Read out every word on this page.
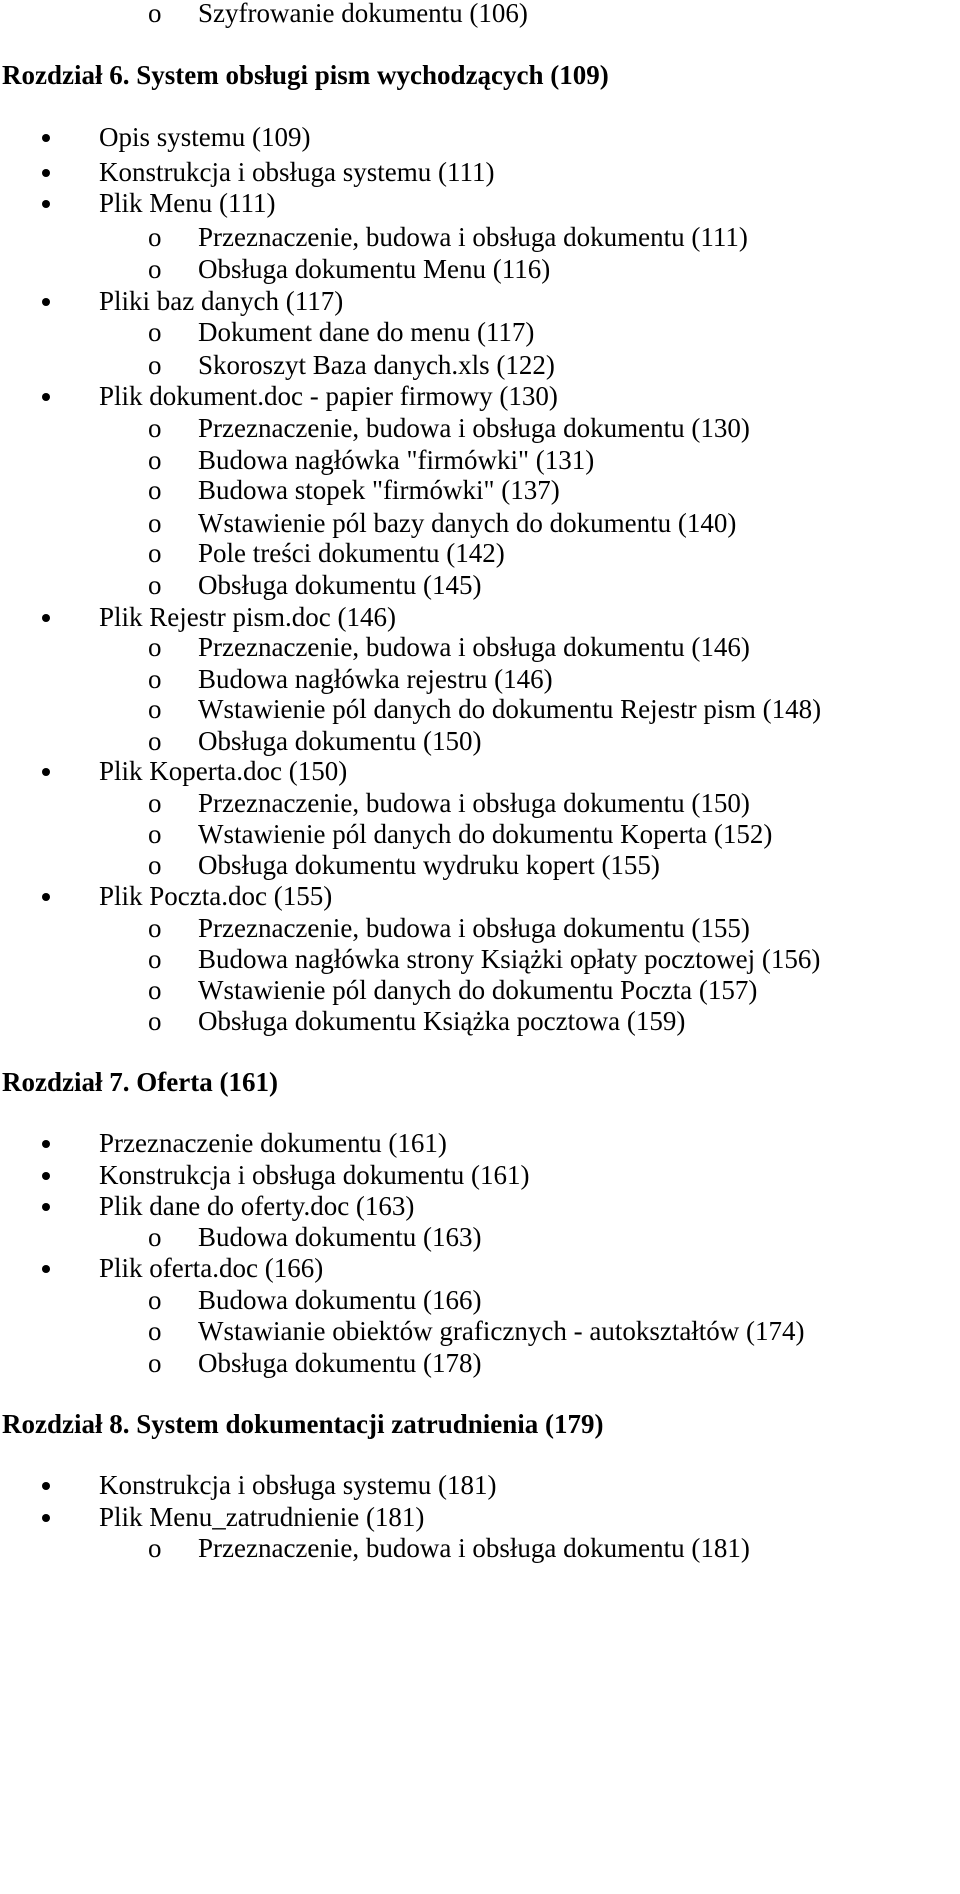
o Szyfrowanie dokumentu (106)
Rozdział 6. System obsługi pism wychodzących (109)
Opis systemu (109)
Konstrukcja i obsługa systemu (111)
Plik Menu (111)
o Przeznaczenie, budowa i obsługa dokumentu (111)
o Obsługa dokumentu Menu (116)
Pliki baz danych (117)
o Dokument dane do menu (117)
o Skoroszyt Baza danych.xls (122)
Plik dokument.doc - papier firmowy (130)
o Przeznaczenie, budowa i obsługa dokumentu (130)
o Budowa nagłówka "firmówki" (131)
o Budowa stopek "firmówki" (137)
o Wstawienie pól bazy danych do dokumentu (140)
o Pole treści dokumentu (142)
o Obsługa dokumentu (145)
Plik Rejestr pism.doc (146)
o Przeznaczenie, budowa i obsługa dokumentu (146)
o Budowa nagłówka rejestru (146)
o Wstawienie pól danych do dokumentu Rejestr pism (148)
o Obsługa dokumentu (150)
Plik Koperta.doc (150)
o Przeznaczenie, budowa i obsługa dokumentu (150)
o Wstawienie pól danych do dokumentu Koperta (152)
o Obsługa dokumentu wydruku kopert (155)
Plik Poczta.doc (155)
o Przeznaczenie, budowa i obsługa dokumentu (155)
o Budowa nagłówka strony Książki opłaty pocztowej (156)
o Wstawienie pól danych do dokumentu Poczta (157)
o Obsługa dokumentu Książka pocztowa (159)
Rozdział 7. Oferta (161)
Przeznaczenie dokumentu (161)
Konstrukcja i obsługa dokumentu (161)
Plik dane do oferty.doc (163)
o Budowa dokumentu (163)
Plik oferta.doc (166)
o Budowa dokumentu (166)
o Wstawianie obiektów graficznych - autokształtów (174)
o Obsługa dokumentu (178)
Rozdział 8. System dokumentacji zatrudnienia (179)
Konstrukcja i obsługa systemu (181)
Plik Menu_zatrudnienie (181)
o Przeznaczenie, budowa i obsługa dokumentu (181)
